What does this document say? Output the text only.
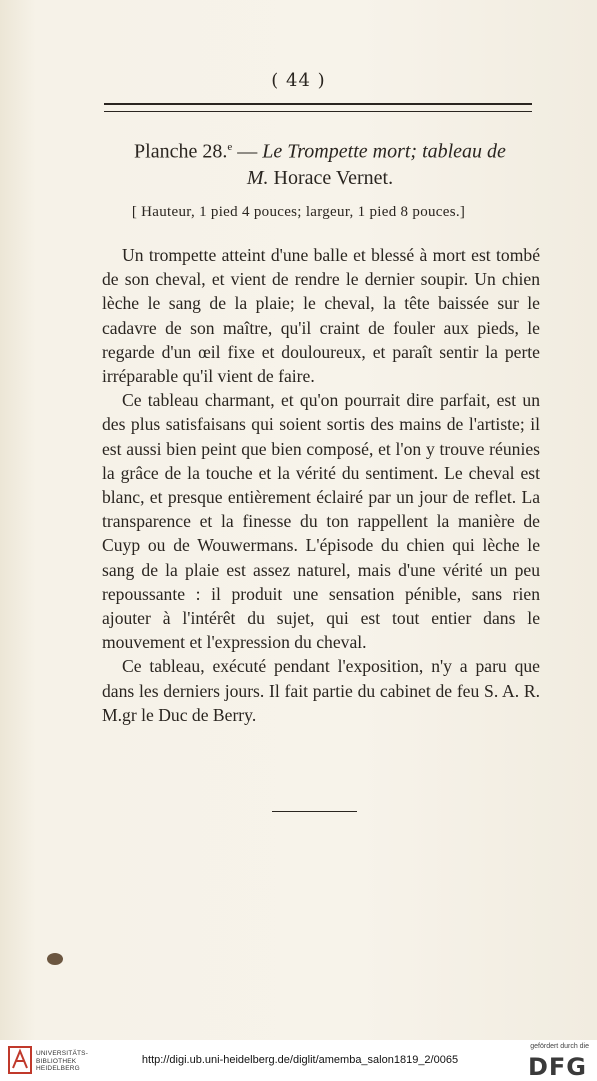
( 44 )
Planche 28.$^e$ — Le Trompette mort; tableau de
M. Horace Vernet.
[ Hauteur, 1 pied 4 pouces; largeur, 1 pied 8 pouces.]

Un trompette atteint d'une balle et blessé à mort est tombé de son cheval, et vient de rendre le dernier soupir. Un chien lèche le sang de la plaie; le cheval, la tête baissée sur le cadavre de son maître, qu'il craint de fouler aux pieds, le regarde d'un œil fixe et douloureux, et paraît sentir la perte irréparable qu'il vient de faire.

Ce tableau charmant, et qu'on pourrait dire parfait, est un des plus satisfaisans qui soient sortis des mains de l'artiste; il est aussi bien peint que bien composé, et l'on y trouve réunies la grâce de la touche et la vérité du sentiment. Le cheval est blanc, et presque entièrement éclairé par un jour de reflet. La transparence et la finesse du ton rappellent la manière de Cuyp ou de Wouwermans. L'épisode du chien qui lèche le sang de la plaie est assez naturel, mais d'une vérité un peu repoussante : il produit une sensation pénible, sans rien ajouter à l'intérêt du sujet, qui est tout entier dans le mouvement et l'expression du cheval.

Ce tableau, exécuté pendant l'exposition, n'y a paru que dans les derniers jours. Il fait partie du cabinet de feu S. A. R. M.gr le Duc de Berry.

UNIVERSITÄTS-
BIBLIOTHEK
HEIDELBERG
http://digi.ub.uni-heidelberg.de/diglit/amemba_salon1819_2/0065
gefördert durch die
DFG
